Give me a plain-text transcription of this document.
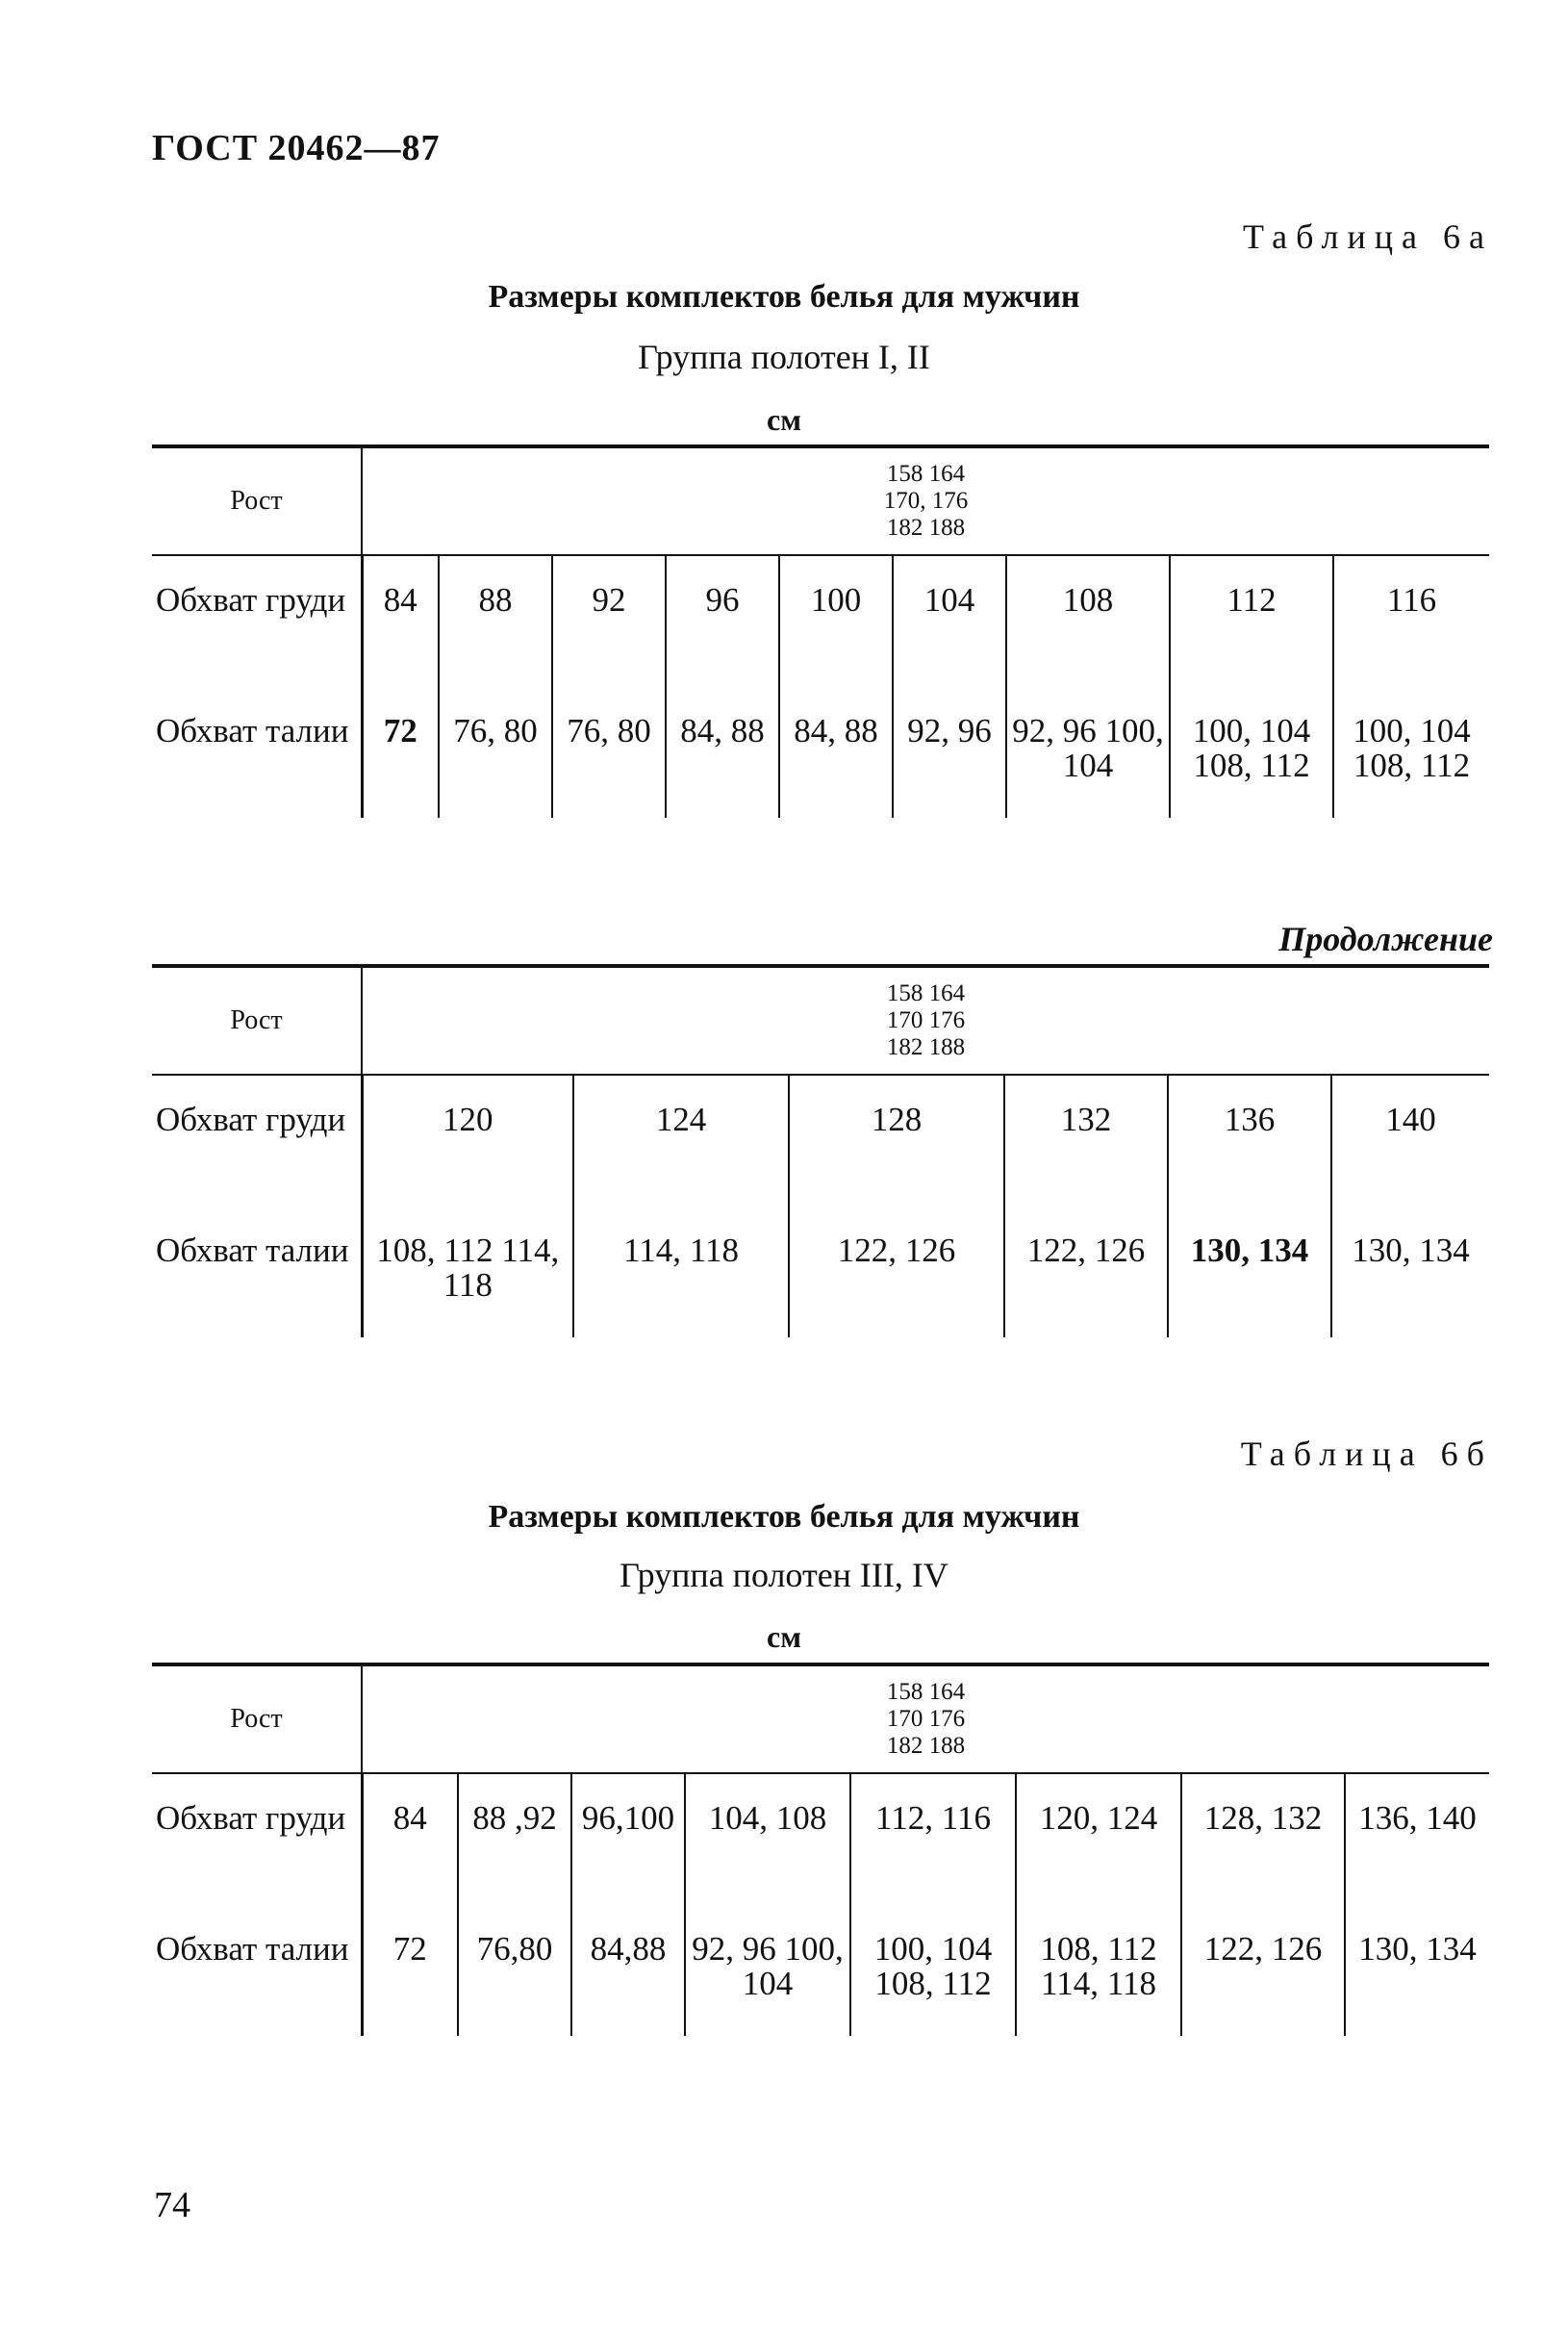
ГОСТ 20462—87
Таблица 6а
Размеры комплектов белья для мужчин
Группа полотен I, II
см
Рост	158 164
170, 176
182 188								

Обхват груди	84	88	92	96	100	104	108	112	116
Обхват талии	72	76, 80	76, 80	84, 88	84, 88	92, 96	92, 96 100, 104	100, 104 108, 112	100, 104 108, 112
Продолжение
Рост	158 164
170 176
182 188					

Обхват груди	120	124	128	132	136	140
Обхват талии	108, 112 114, 118	114, 118	122, 126	122, 126	130, 134	130, 134
Таблица 6б
Размеры комплектов белья для мужчин
Группа полотен III, IV
см
Рост	158 164
170 176
182 188							

Обхват груди	84	88 ,92	96,100	104, 108	112, 116	120, 124	128, 132	136, 140
Обхват талии	72	76,80	84,88	92, 96 100, 104	100, 104 108, 112	108, 112 114, 118	122, 126	130, 134
74
